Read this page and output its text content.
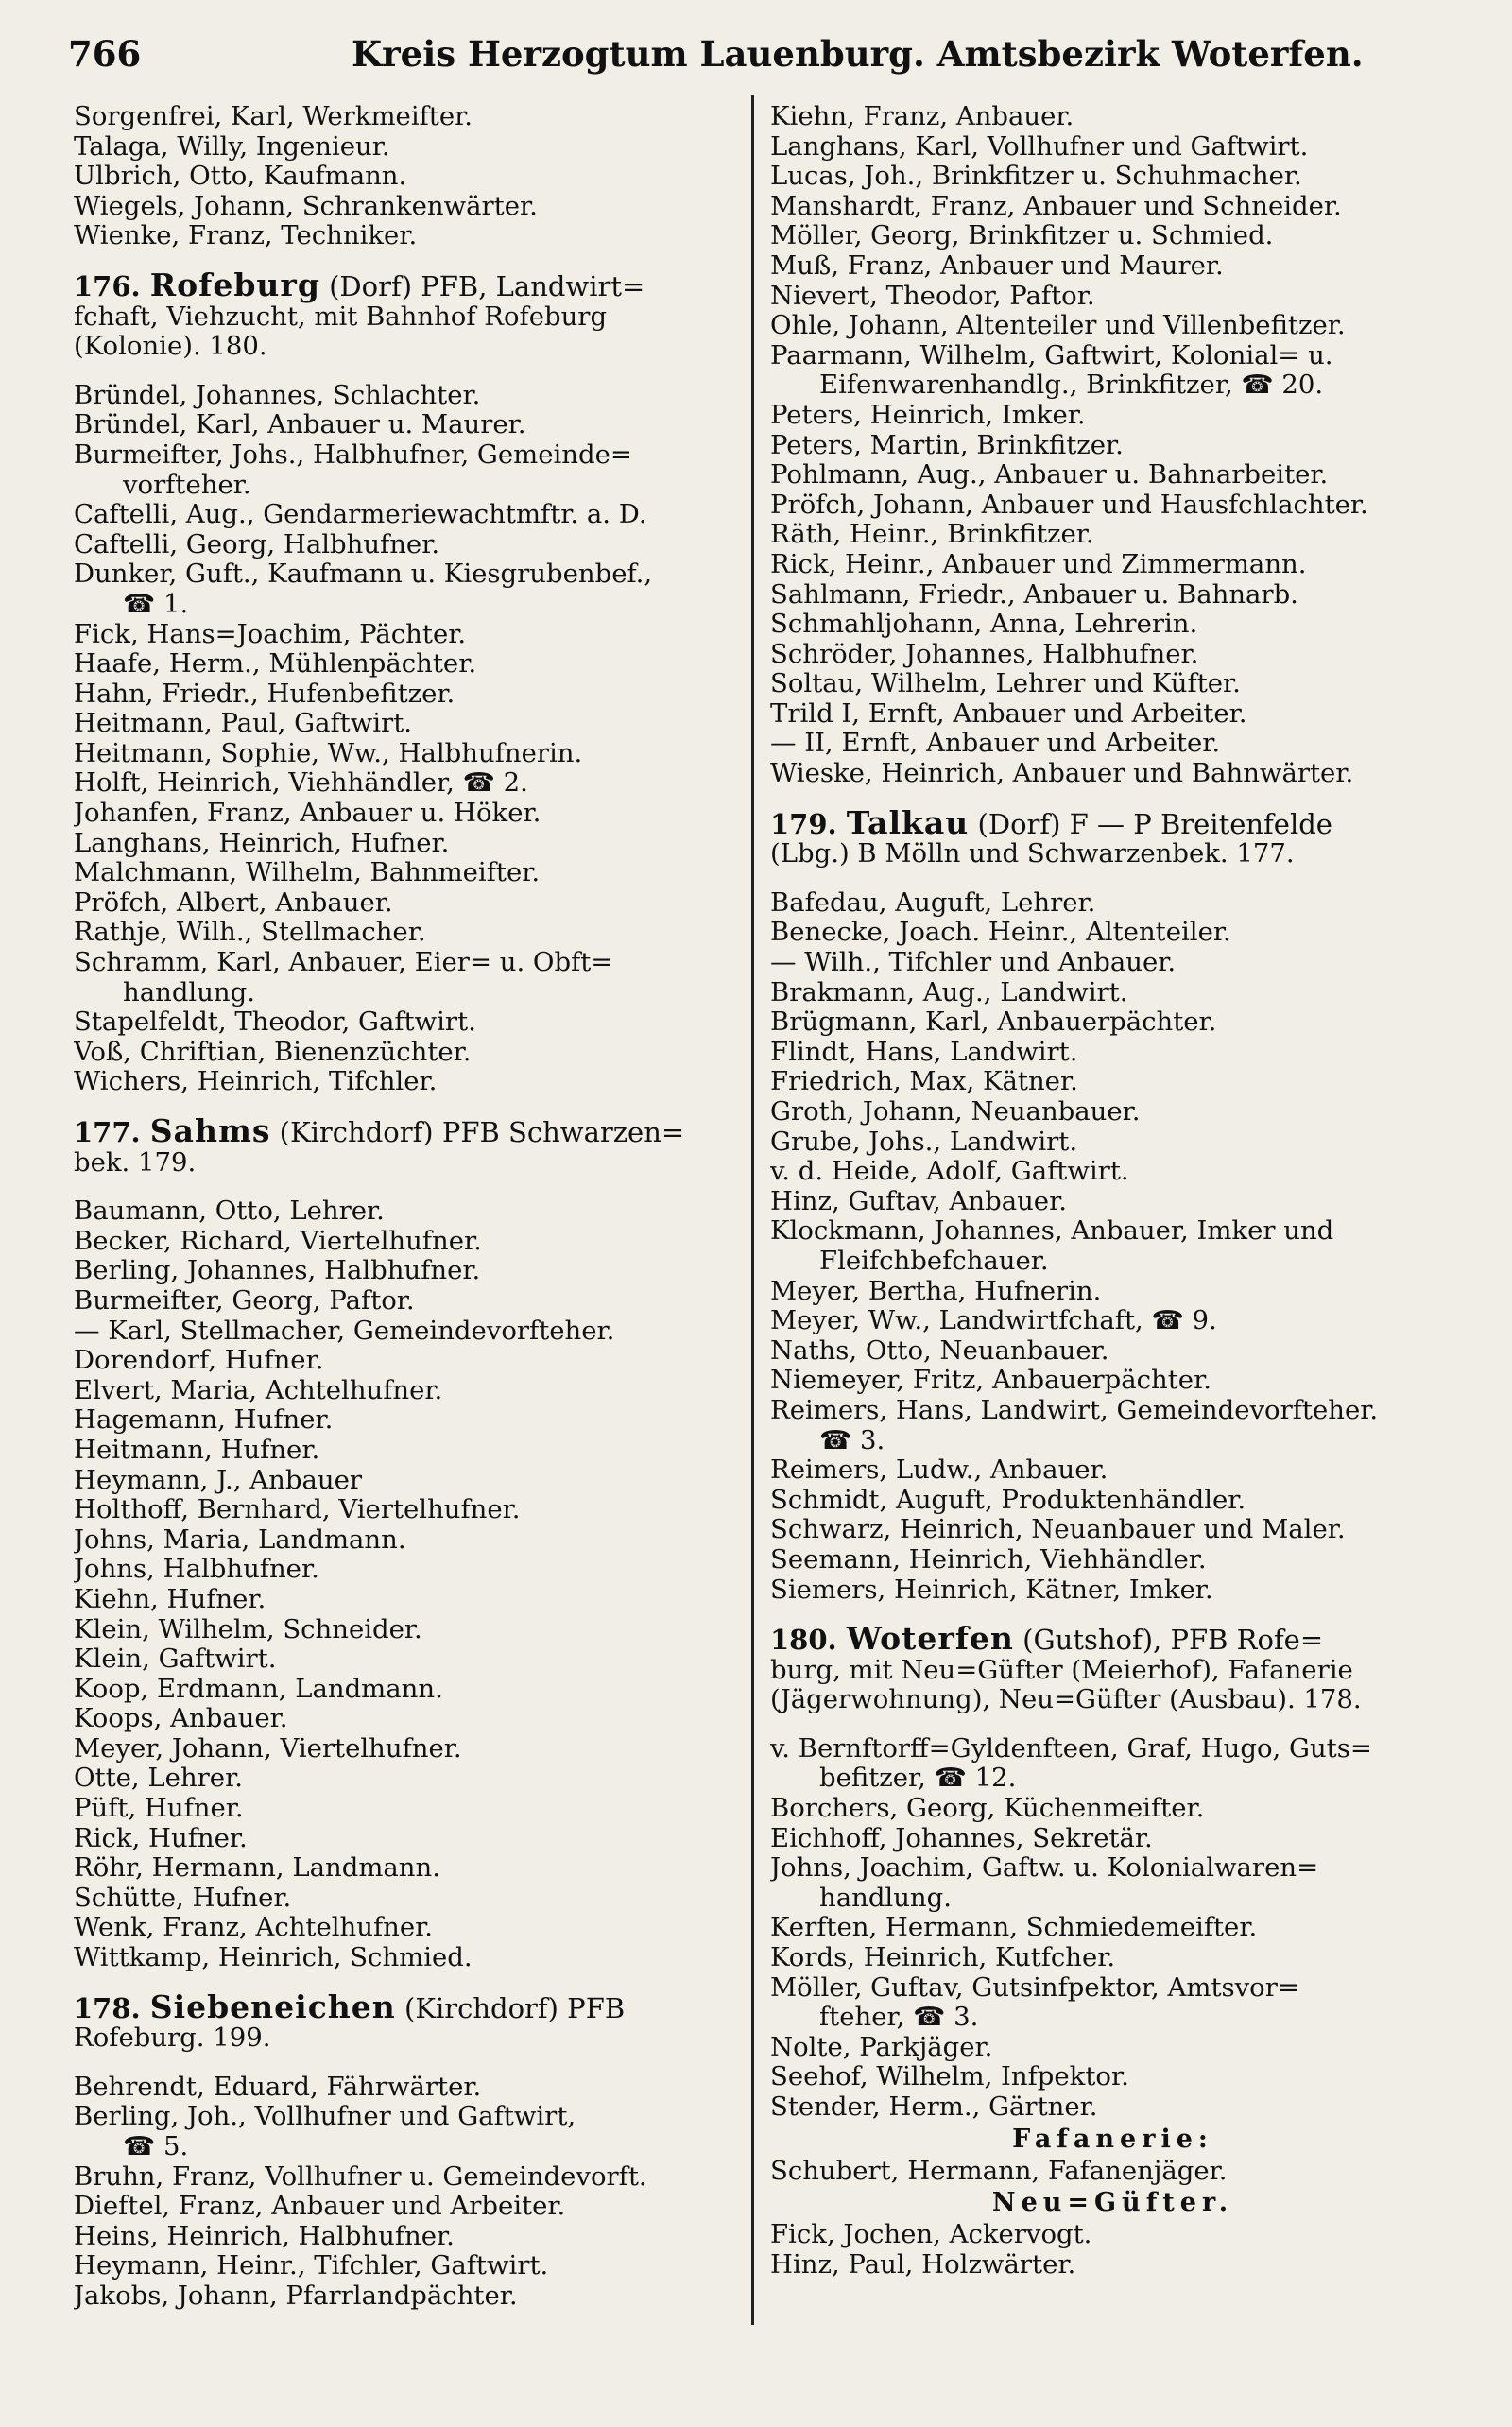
766	Kreis Herzogtum Lauenburg. Amtsbezirk Woterfen.
Sorgenfrei, Karl, Werkmeifter.
Talaga, Willy, Ingenieur.
Ulbrich, Otto, Kaufmann.
Wiegels, Johann, Schrankenwärter.
Wienke, Franz, Techniker.
176. Rofeburg (Dorf) PFB, Landwirt=
fchaft, Viehzucht, mit Bahnhof Rofeburg
(Kolonie). 180.
Bründel, Johannes, Schlachter.
Bründel, Karl, Anbauer u. Maurer.
Burmeifter, Johs., Halbhufner, Gemeinde=
vorfteher.
Caftelli, Aug., Gendarmeriewachtmftr. a. D.
Caftelli, Georg, Halbhufner.
Dunker, Guft., Kaufmann u. Kiesgrubenbef.,
☎ 1.
Fick, Hans=Joachim, Pächter.
Haafe, Herm., Mühlenpächter.
Hahn, Friedr., Hufenbefitzer.
Heitmann, Paul, Gaftwirt.
Heitmann, Sophie, Ww., Halbhufnerin.
Holft, Heinrich, Viehhändler, ☎ 2.
Johanfen, Franz, Anbauer u. Höker.
Langhans, Heinrich, Hufner.
Malchmann, Wilhelm, Bahnmeifter.
Pröfch, Albert, Anbauer.
Rathje, Wilh., Stellmacher.
Schramm, Karl, Anbauer, Eier= u. Obft=
handlung.
Stapelfeldt, Theodor, Gaftwirt.
Voß, Chriftian, Bienenzüchter.
Wichers, Heinrich, Tifchler.
177. Sahms (Kirchdorf) PFB Schwarzen=
bek. 179.
Baumann, Otto, Lehrer.
Becker, Richard, Viertelhufner.
Berling, Johannes, Halbhufner.
Burmeifter, Georg, Paftor.
— Karl, Stellmacher, Gemeindevorfteher.
Dorendorf, Hufner.
Elvert, Maria, Achtelhufner.
Hagemann, Hufner.
Heitmann, Hufner.
Heymann, J., Anbauer
Holthoff, Bernhard, Viertelhufner.
Johns, Maria, Landmann.
Johns, Halbhufner.
Kiehn, Hufner.
Klein, Wilhelm, Schneider.
Klein, Gaftwirt.
Koop, Erdmann, Landmann.
Koops, Anbauer.
Meyer, Johann, Viertelhufner.
Otte, Lehrer.
Püft, Hufner.
Rick, Hufner.
Röhr, Hermann, Landmann.
Schütte, Hufner.
Wenk, Franz, Achtelhufner.
Wittkamp, Heinrich, Schmied.
178. Siebeneichen (Kirchdorf) PFB
Rofeburg. 199.
Behrendt, Eduard, Fährwärter.
Berling, Joh., Vollhufner und Gaftwirt,
☎ 5.
Bruhn, Franz, Vollhufner u. Gemeindevorft.
Dieftel, Franz, Anbauer und Arbeiter.
Heins, Heinrich, Halbhufner.
Heymann, Heinr., Tifchler, Gaftwirt.
Jakobs, Johann, Pfarrlandpächter.
Kiehn, Franz, Anbauer.
Langhans, Karl, Vollhufner und Gaftwirt.
Lucas, Joh., Brinkfitzer u. Schuhmacher.
Manshardt, Franz, Anbauer und Schneider.
Möller, Georg, Brinkfitzer u. Schmied.
Muß, Franz, Anbauer und Maurer.
Nievert, Theodor, Paftor.
Ohle, Johann, Altenteiler und Villenbefitzer.
Paarmann, Wilhelm, Gaftwirt, Kolonial= u.
Eifenwarenhandlg., Brinkfitzer, ☎ 20.
Peters, Heinrich, Imker.
Peters, Martin, Brinkfitzer.
Pohlmann, Aug., Anbauer u. Bahnarbeiter.
Pröfch, Johann, Anbauer und Hausfchlachter.
Räth, Heinr., Brinkfitzer.
Rick, Heinr., Anbauer und Zimmermann.
Sahlmann, Friedr., Anbauer u. Bahnarb.
Schmahljohann, Anna, Lehrerin.
Schröder, Johannes, Halbhufner.
Soltau, Wilhelm, Lehrer und Küfter.
Trild I, Ernft, Anbauer und Arbeiter.
— II, Ernft, Anbauer und Arbeiter.
Wieske, Heinrich, Anbauer und Bahnwärter.
179. Talkau (Dorf) F — P Breitenfelde
(Lbg.) B Mölln und Schwarzenbek. 177.
Bafedau, Auguft, Lehrer.
Benecke, Joach. Heinr., Altenteiler.
— Wilh., Tifchler und Anbauer.
Brakmann, Aug., Landwirt.
Brügmann, Karl, Anbauerpächter.
Flindt, Hans, Landwirt.
Friedrich, Max, Kätner.
Groth, Johann, Neuanbauer.
Grube, Johs., Landwirt.
v. d. Heide, Adolf, Gaftwirt.
Hinz, Guftav, Anbauer.
Klockmann, Johannes, Anbauer, Imker und
Fleifchbefchauer.
Meyer, Bertha, Hufnerin.
Meyer, Ww., Landwirtfchaft, ☎ 9.
Naths, Otto, Neuanbauer.
Niemeyer, Fritz, Anbauerpächter.
Reimers, Hans, Landwirt, Gemeindevorfteher.
☎ 3.
Reimers, Ludw., Anbauer.
Schmidt, Auguft, Produktenhändler.
Schwarz, Heinrich, Neuanbauer und Maler.
Seemann, Heinrich, Viehhändler.
Siemers, Heinrich, Kätner, Imker.
180. Woterfen (Gutshof), PFB Rofe=
burg, mit Neu=Güfter (Meierhof), Fafanerie
(Jägerwohnung), Neu=Güfter (Ausbau). 178.
v. Bernftorff=Gyldenfteen, Graf, Hugo, Guts=
befitzer, ☎ 12.
Borchers, Georg, Küchenmeifter.
Eichhoff, Johannes, Sekretär.
Johns, Joachim, Gaftw. u. Kolonialwaren=
handlung.
Kerften, Hermann, Schmiedemeifter.
Kords, Heinrich, Kutfcher.
Möller, Guftav, Gutsinfpektor, Amtsvor=
fteher, ☎ 3.
Nolte, Parkjäger.
Seehof, Wilhelm, Infpektor.
Stender, Herm., Gärtner.
Fafanerie:
Schubert, Hermann, Fafanenjäger.
Neu=Güfter.
Fick, Jochen, Ackervogt.
Hinz, Paul, Holzwärter.
